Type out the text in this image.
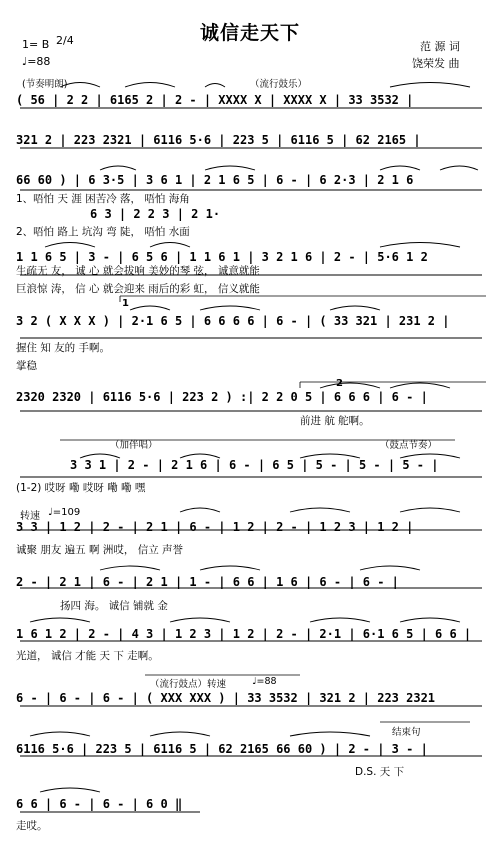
诚信走天下
1= B 2/4
♩=88
范 源 词
饶荣发 曲
(节奏明朗)	（流行鼓乐）
( 56 | 2 2 | 6165 2 | 2 - | XXXX X | XXXX X | 33 3532 |
321 2 | 223 2321 | 6116 5·6 | 223 5 | 6116 5 | 62 2165 |
66 60 ) | 6 3·5 | 3 6 1 | 2 1 6 5 | 6 - | 6 2·3 | 2 1 6
1、唔怕 天 涯 困苦冷 落， 唔怕 海角
6 3 | 2 2 3 | 2 1·
2、唔怕 路上 坑沟 弯 陡， 唔怕 水面
1 1 6 5 | 3 - | 6 5 6 | 1 1 6 1 | 3 2 1 6 | 2 - | 5·6 1 2
生疏无 友， 诚 心 就会拔响 美妙的琴 弦， 诚意就能
巨浪惊 涛， 信 心 就会迎来 雨后的彩 虹， 信义就能
1
3 2 ( X X X ) | 2·1 6 5 | 6 6 6 6 | 6 - | ( 33 321 | 231 2 |
握住 知 友的 手啊。
掌稳
2
2320 2320 | 6116 5·6 | 223 2 ) :| 2 2 0 5 | 6 6 6 | 6 - |
前进 航 舵啊。
（加伴唱）	（鼓点节奏）
3 3 1 | 2 - | 2 1 6 | 6 - | 6 5 | 5 - | 5 - | 5 - |
(1-2) 哎呀 嘞 哎呀 嘞 嘞 嘿
转速 ♩=109
3 3 | 1 2 | 2 - | 2 1 | 6 - | 1 2 | 2 - | 1 2 3 | 1 2 |
诚聚 朋友 遍五 啊 洲哎， 信立 声誉
2 - | 2 1 | 6 - | 2 1 | 1 - | 6 6 | 1 6 | 6 - | 6 - |
扬四 海。 诚信 铺就 金
1 6 1 2 | 2 - | 4 3 | 1 2 3 | 1 2 | 2 - | 2·1 | 6·1 6 5 | 6 6 |
光道， 诚信 才能 天 下 走啊。
（流行鼓点）转速	♩=88
6 - | 6 - | 6 - | ( XXX XXX ) | 33 3532 | 321 2 | 223 2321
结束句
6116 5·6 | 223 5 | 6116 5 | 62 2165 66 60 ) | 2 - | 3 - |
D.S. 天 下
6 6 | 6 - | 6 - | 6 0 ‖
走哎。
